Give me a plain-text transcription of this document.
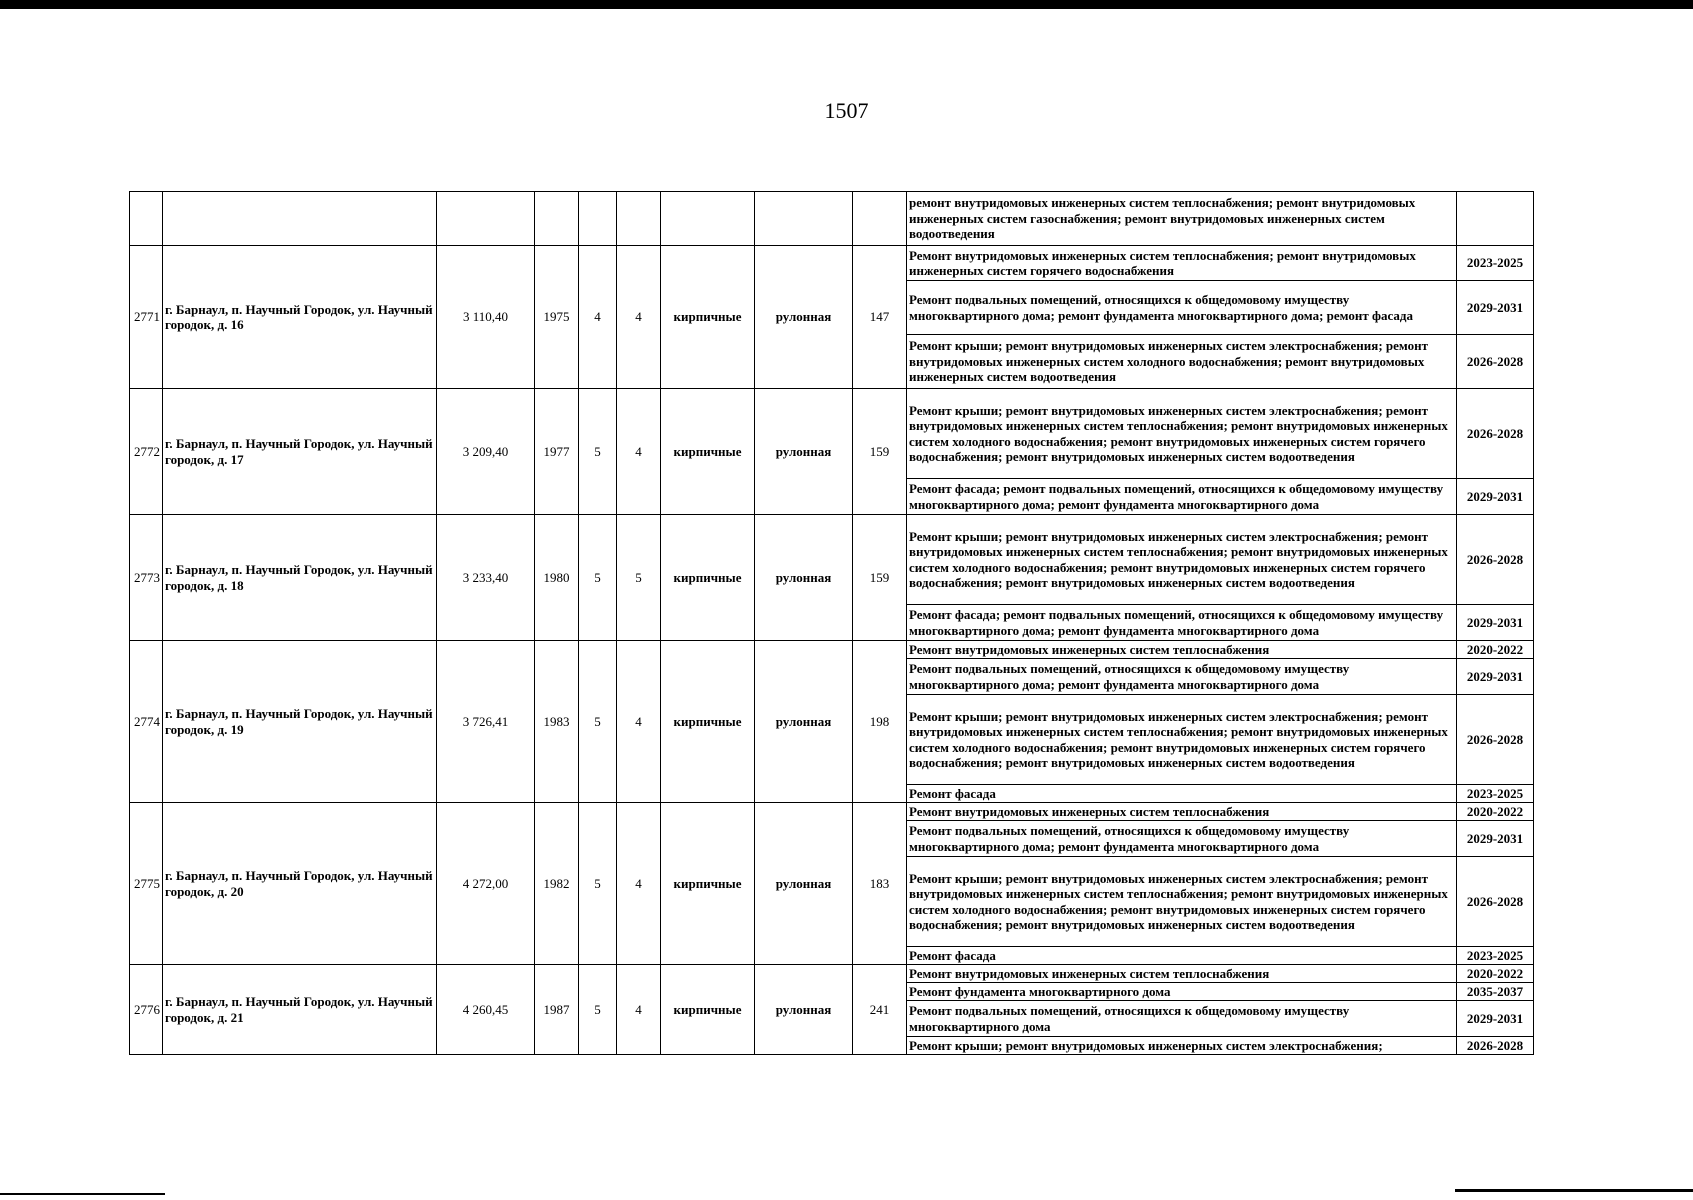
1507
									ремонт внутридомовых инженерных систем теплоснабжения; ремонт внутридомовых инженерных систем газоснабжения; ремонт внутридомовых инженерных систем водоотведения	
2771	г. Барнаул, п. Научный Городок, ул. Научный городок, д. 16	3 110,40	1975	4	4	кирпичные	рулонная	147	Ремонт внутридомовых инженерных систем теплоснабжения; ремонт внутридомовых инженерных систем горячего водоснабжения	2023-2025
									Ремонт подвальных помещений, относящихся к общедомовому имуществу многоквартирного дома; ремонт фундамента многоквартирного дома; ремонт фасада	2029-2031
									Ремонт крыши; ремонт внутридомовых инженерных систем электроснабжения; ремонт внутридомовых инженерных систем холодного водоснабжения; ремонт внутридомовых инженерных систем водоотведения	2026-2028
2772	г. Барнаул, п. Научный Городок, ул. Научный городок, д. 17	3 209,40	1977	5	4	кирпичные	рулонная	159	Ремонт крыши; ремонт внутридомовых инженерных систем электроснабжения; ремонт внутридомовых инженерных систем теплоснабжения; ремонт внутридомовых инженерных систем холодного водоснабжения; ремонт внутридомовых инженерных систем горячего водоснабжения; ремонт внутридомовых инженерных систем водоотведения	2026-2028
									Ремонт фасада; ремонт подвальных помещений, относящихся к общедомовому имуществу многоквартирного дома; ремонт фундамента многоквартирного дома	2029-2031
2773	г. Барнаул, п. Научный Городок, ул. Научный городок, д. 18	3 233,40	1980	5	5	кирпичные	рулонная	159	Ремонт крыши; ремонт внутридомовых инженерных систем электроснабжения; ремонт внутридомовых инженерных систем теплоснабжения; ремонт внутридомовых инженерных систем холодного водоснабжения; ремонт внутридомовых инженерных систем горячего водоснабжения; ремонт внутридомовых инженерных систем водоотведения	2026-2028
									Ремонт фасада; ремонт подвальных помещений, относящихся к общедомовому имуществу многоквартирного дома; ремонт фундамента многоквартирного дома	2029-2031
2774	г. Барнаул, п. Научный Городок, ул. Научный городок, д. 19	3 726,41	1983	5	4	кирпичные	рулонная	198	Ремонт внутридомовых инженерных систем теплоснабжения	2020-2022
									Ремонт подвальных помещений, относящихся к общедомовому имуществу многоквартирного дома; ремонт фундамента многоквартирного дома	2029-2031
									Ремонт крыши; ремонт внутридомовых инженерных систем электроснабжения; ремонт внутридомовых инженерных систем теплоснабжения; ремонт внутридомовых инженерных систем холодного водоснабжения; ремонт внутридомовых инженерных систем горячего водоснабжения; ремонт внутридомовых инженерных систем водоотведения	2026-2028
									Ремонт фасада	2023-2025
2775	г. Барнаул, п. Научный Городок, ул. Научный городок, д. 20	4 272,00	1982	5	4	кирпичные	рулонная	183	Ремонт внутридомовых инженерных систем теплоснабжения	2020-2022
									Ремонт подвальных помещений, относящихся к общедомовому имуществу многоквартирного дома; ремонт фундамента многоквартирного дома	2029-2031
									Ремонт крыши; ремонт внутридомовых инженерных систем электроснабжения; ремонт внутридомовых инженерных систем теплоснабжения; ремонт внутридомовых инженерных систем холодного водоснабжения; ремонт внутридомовых инженерных систем горячего водоснабжения; ремонт внутридомовых инженерных систем водоотведения	2026-2028
									Ремонт фасада	2023-2025
2776	г. Барнаул, п. Научный Городок, ул. Научный городок, д. 21	4 260,45	1987	5	4	кирпичные	рулонная	241	Ремонт внутридомовых инженерных систем теплоснабжения	2020-2022
									Ремонт фундамента многоквартирного дома	2035-2037
									Ремонт подвальных помещений, относящихся к общедомовому имуществу многоквартирного дома	2029-2031
									Ремонт крыши; ремонт внутридомовых инженерных систем электроснабжения;	2026-2028
